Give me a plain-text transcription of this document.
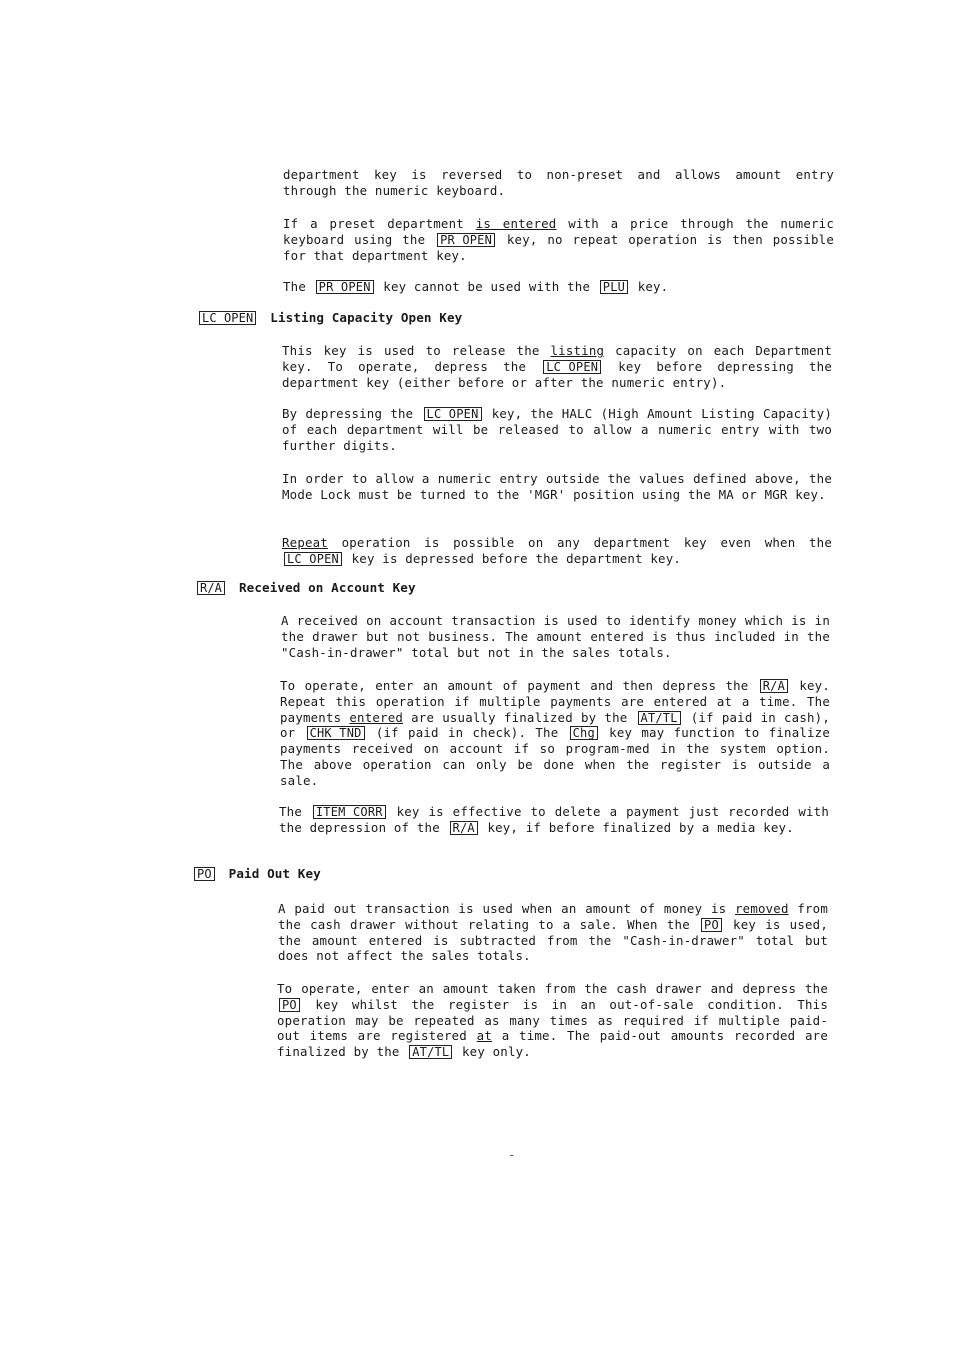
department key is reversed to non-preset and allows amount entry through the numeric keyboard.
If a preset department is entered with a price through the numeric keyboard using the PR OPEN key, no repeat operation is then possible for that department key.
The PR OPEN key cannot be used with the PLU key.
LC OPEN Listing Capacity Open Key
This key is used to release the listing capacity on each Department key. To operate, depress the LC OPEN key before depressing the department key (either before or after the numeric entry).
By depressing the LC OPEN key, the HALC (High Amount Listing Capacity) of each department will be released to allow a numeric entry with two further digits.
In order to allow a numeric entry outside the values defined above, the Mode Lock must be turned to the 'MGR' position using the MA or MGR key.
Repeat operation is possible on any department key even when the LC OPEN key is depressed before the department key.
R/A Received on Account Key
A received on account transaction is used to identify money which is in the drawer but not business. The amount entered is thus included in the "Cash-in-drawer" total but not in the sales totals.
To operate, enter an amount of payment and then depress the R/A key. Repeat this operation if multiple payments are entered at a time. The payments entered are usually finalized by the AT/TL (if paid in cash), or CHK TND (if paid in check). The Chg key may function to finalize payments received on account if so program-med in the system option. The above operation can only be done when the register is outside a sale.
The ITEM CORR key is effective to delete a payment just recorded with the depression of the R/A key, if before finalized by a media key.
PO Paid Out Key
A paid out transaction is used when an amount of money is removed from the cash drawer without relating to a sale. When the PO key is used, the amount entered is subtracted from the "Cash-in-drawer" total but does not affect the sales totals.
To operate, enter an amount taken from the cash drawer and depress the PO key whilst the register is in an out-of-sale condition. This operation may be repeated as many times as required if multiple paid-out items are registered at a time. The paid-out amounts recorded are finalized by the AT/TL key only.
-
